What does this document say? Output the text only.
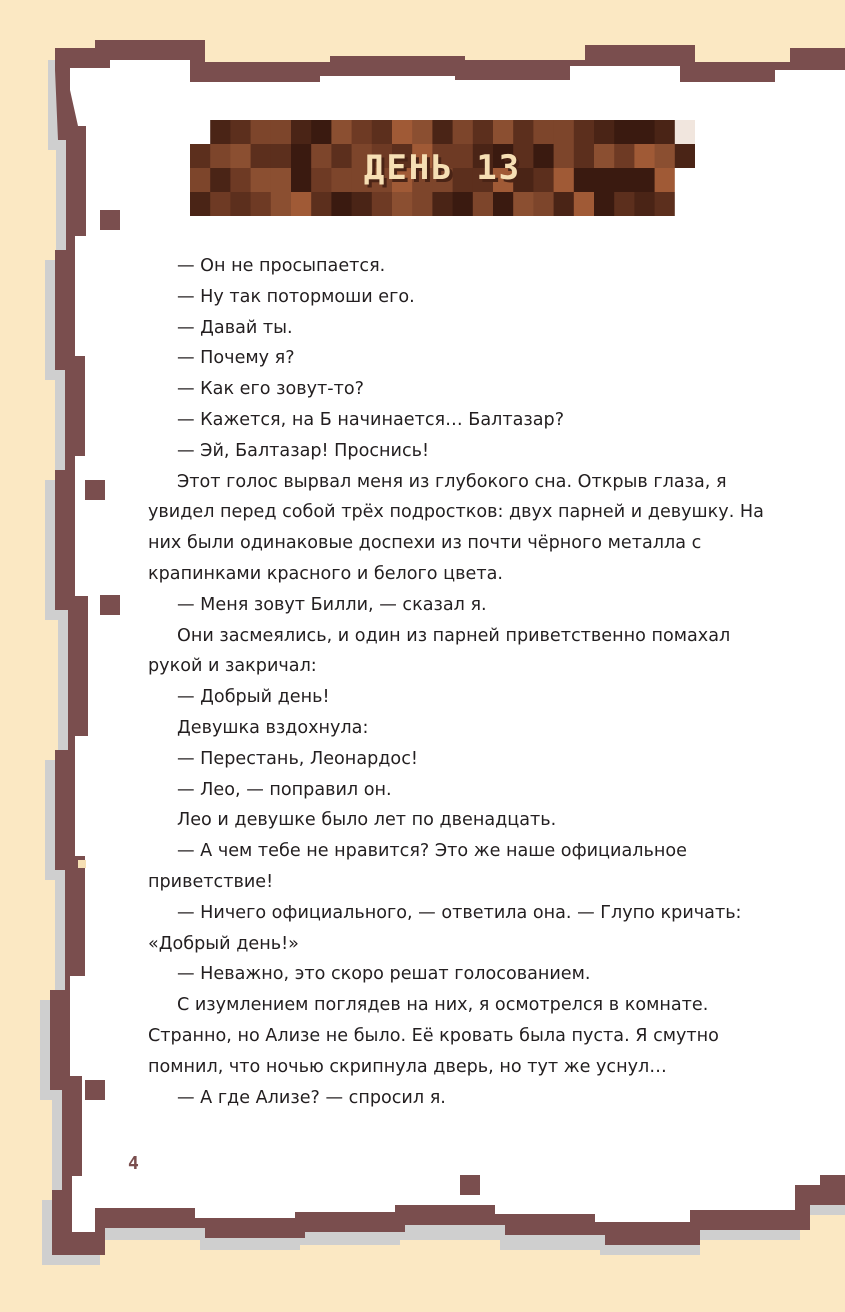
ДЕНЬ 13

— Он не просыпается.

— Ну так потормоши его.

— Давай ты.

— Почему я?

— Как его зовут-то?

— Кажется, на Б начинается… Балтазар?

— Эй, Балтазар! Проснись!

Этот голос вырвал меня из глубокого сна. Открыв глаза, я увидел перед собой трёх подростков: двух парней и девушку. На них были одинаковые доспехи из почти чёрного металла с крапинками красного и белого цвета.

— Меня зовут Билли, — сказал я.

Они засмеялись, и один из парней приветственно помахал рукой и закричал:

— Добрый день!

Девушка вздохнула:

— Перестань, Леонардос!

— Лео, — поправил он.

Лео и девушке было лет по двенадцать.

— А чем тебе не нравится? Это же наше официальное приветствие!

— Ничего официального, — ответила она. — Глупо кричать: «Добрый день!»

— Неважно, это скоро решат голосованием.

С изумлением поглядев на них, я осмотрелся в комнате. Странно, но Ализе не было. Её кровать была пуста. Я смутно помнил, что ночью скрипнула дверь, но тут же уснул…

— А где Ализе? — спросил я.

4
